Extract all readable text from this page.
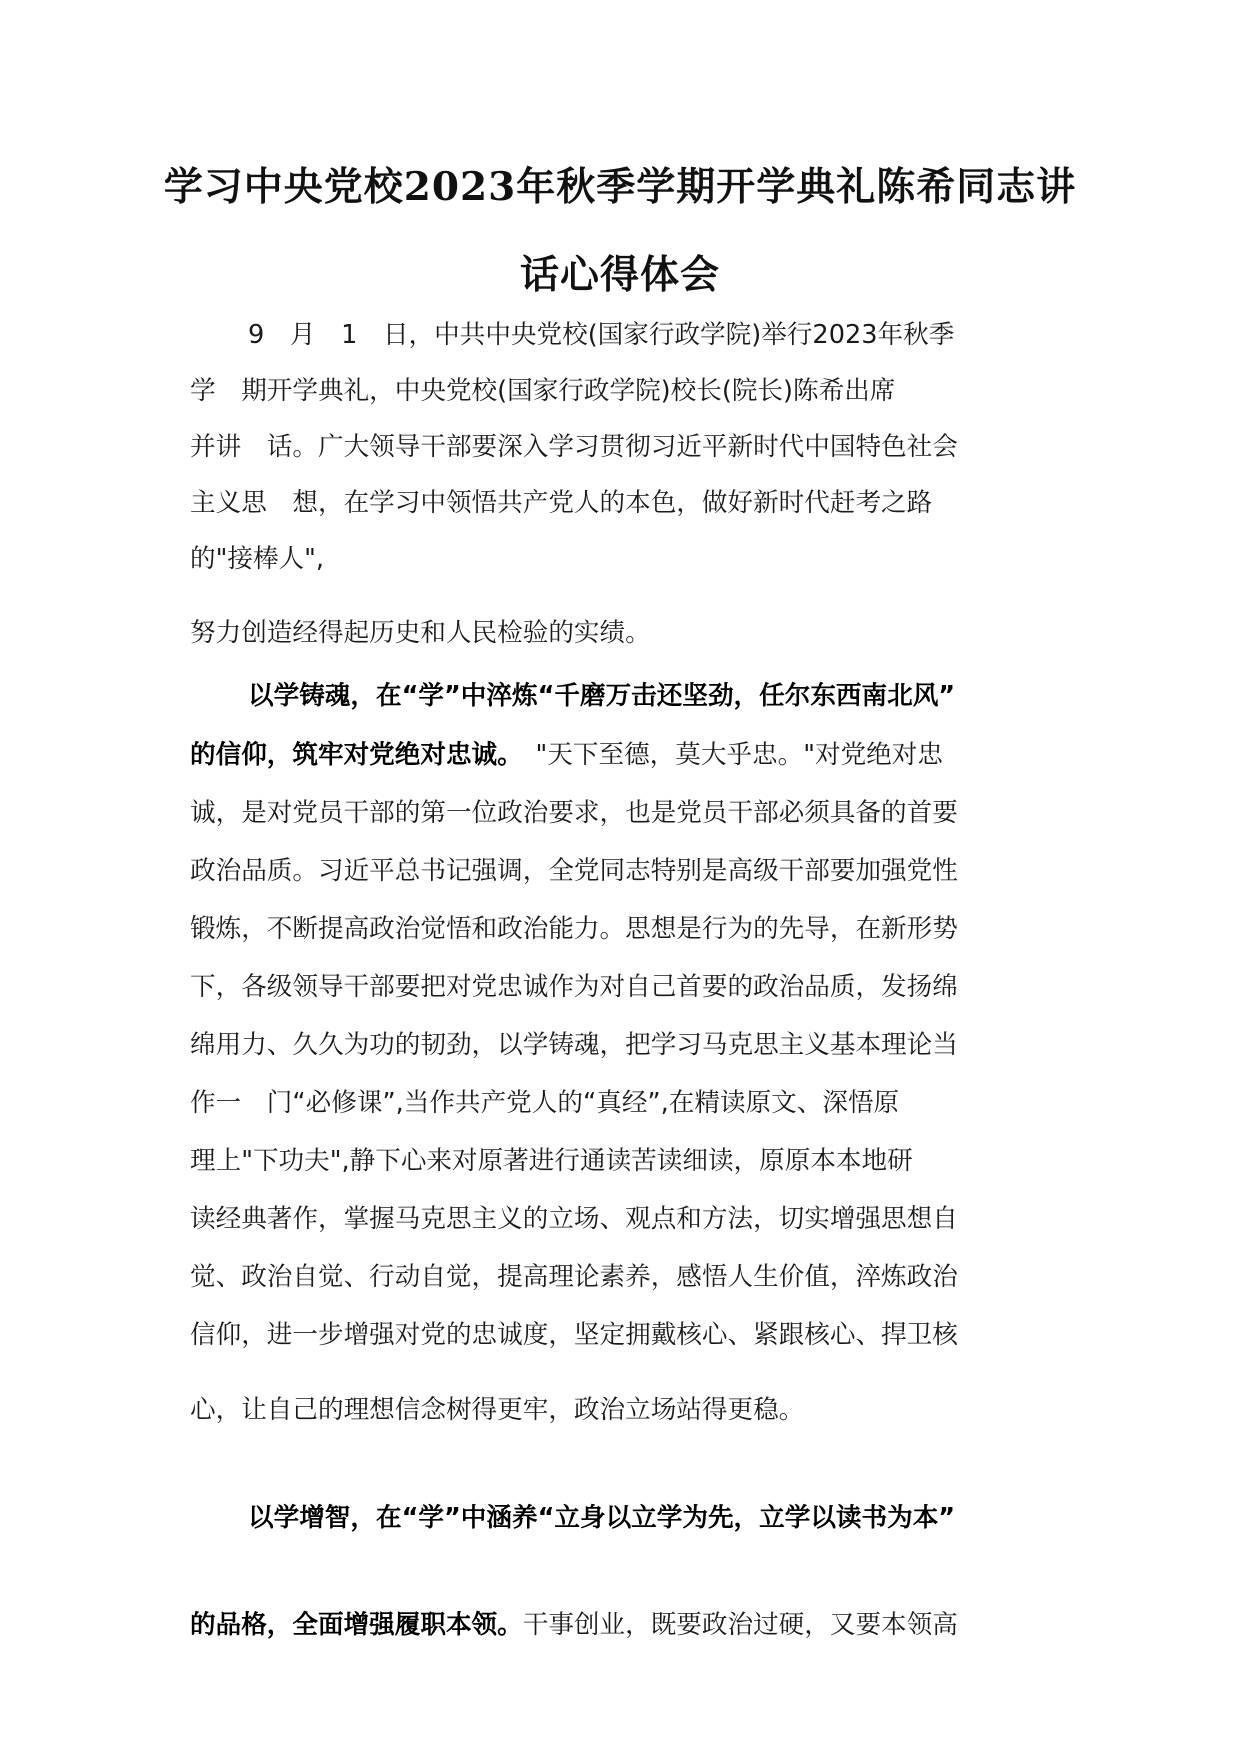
学习中央党校2023年秋季学期开学典礼陈希同志讲
话心得体会
9　月　1　日，中共中央党校(国家行政学院)举行2023年秋季
学　期开学典礼，中央党校(国家行政学院)校长(院长)陈希出席
并讲　话。广大领导干部要深入学习贯彻习近平新时代中国特色社会
主义思　想，在学习中领悟共产党人的本色，做好新时代赶考之路
的"接棒人",
努力创造经得起历史和人民检验的实绩。
以学铸魂，在“学”中淬炼“千磨万击还坚劲，任尔东西南北风”
的信仰，筑牢对党绝对忠诚。　"天下至德，莫大乎忠。"对党绝对忠
诚，是对党员干部的第一位政治要求，也是党员干部必须具备的首要
政治品质。习近平总书记强调，全党同志特别是高级干部要加强党性
锻炼，不断提高政治觉悟和政治能力。思想是行为的先导，在新形势
下，各级领导干部要把对党忠诚作为对自己首要的政治品质，发扬绵
绵用力、久久为功的韧劲，以学铸魂，把学习马克思主义基本理论当
作一　门“必修课”,当作共产党人的“真经”,在精读原文、深悟原
理上"下功夫",静下心来对原著进行通读苦读细读，原原本本地研
读经典著作，掌握马克思主义的立场、观点和方法，切实增强思想自
觉、政治自觉、行动自觉，提高理论素养，感悟人生价值，淬炼政治
信仰，进一步增强对党的忠诚度，坚定拥戴核心、紧跟核心、捍卫核
心，让自己的理想信念树得更牢，政治立场站得更稳。
以学增智，在“学”中涵养“立身以立学为先，立学以读书为本”
的品格，全面增强履职本领。干事创业，既要政治过硬，又要本领高
